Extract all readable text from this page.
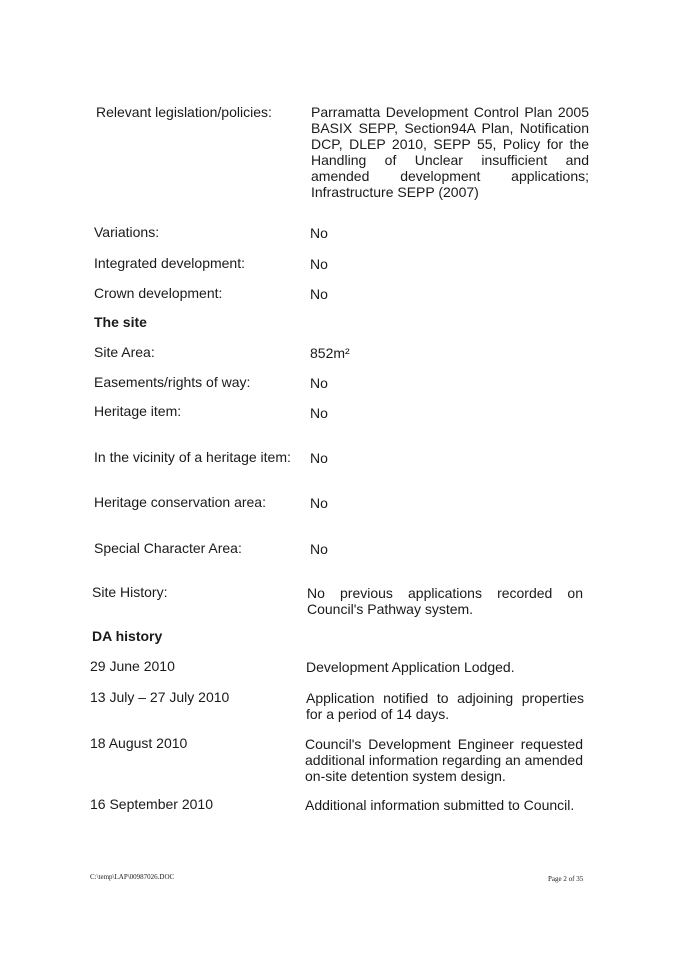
Relevant legislation/policies:	Parramatta Development Control Plan 2005 BASIX SEPP, Section94A Plan, Notification DCP, DLEP 2010, SEPP 55, Policy for the Handling of Unclear insufficient and amended development applications; Infrastructure SEPP (2007)
Variations:	No
Integrated development:	No
Crown development:	No
The site
Site Area:	852m²
Easements/rights of way:	No
Heritage item:	No
In the vicinity of a heritage item: No
Heritage conservation area:	No
Special Character Area:	No
Site History:	No previous applications recorded on Council's Pathway system.
DA history
29 June 2010	Development Application Lodged.
13 July – 27 July 2010	Application notified to adjoining properties for a period of 14 days.
18 August 2010	Council's Development Engineer requested additional information regarding an amended on-site detention system design.
16 September 2010	Additional information submitted to Council.
C:\temp\LAP\00987026.DOC	Page 2 of 35
